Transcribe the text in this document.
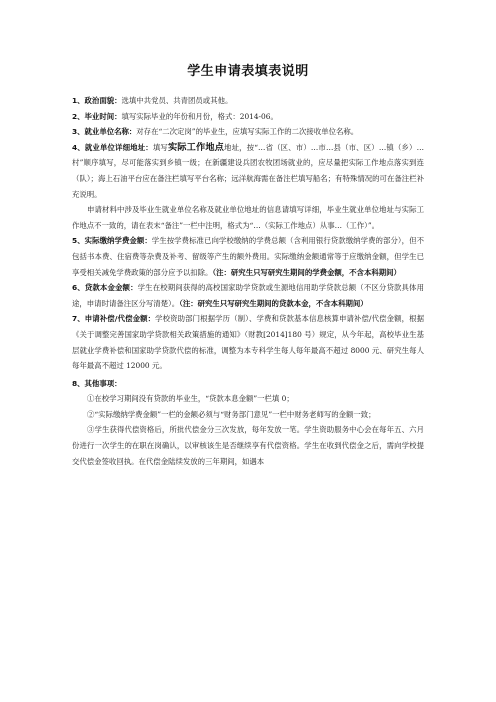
学生申请表填表说明

1、政治面貌：选填中共党员、共青团员或其他。

2、毕业时间：填写实际毕业的年份和月份，格式：2014-06。

3、就业单位名称：对存在“二次定岗”的毕业生，应填写实际工作的二次接收单位名称。

4、就业单位详细地址：填写实际工作地点地址，按“…省（区、市）…市…县（市、区）…镇（乡）…村”顺序填写，尽可能落实到乡镇一级；在新疆建设兵团农牧团场就业的，应尽量把实际工作地点落实到连（队）；海上石油平台应在备注栏填写平台名称；远洋航海需在备注栏填写船名；有特殊情况的可在备注栏补充说明。

申请材料中涉及毕业生就业单位名称及就业单位地址的信息请填写详细，毕业生就业单位地址与实际工作地点不一致的，请在表末“备注”一栏中注明，格式为“…（实际工作地点）从事…（工作）”。

5、实际缴纳学费金额：学生按学费标准已向学校缴纳的学费总额（含利用银行贷款缴纳学费的部分），但不包括书本费、住宿费等杂费及补考、留级等产生的额外费用。实际缴纳金额通常等于应缴纳金额，但学生已享受相关减免学费政策的部分应予以扣除。（注：研究生只写研究生期间的学费金额，不含本科期间）

6、贷款本金金额：学生在校期间获得的高校国家助学贷款或生源地信用助学贷款总额（不区分贷款具体用途，申请时请备注区分写清楚）。（注：研究生只写研究生期间的贷款本金，不含本科期间）

7、申请补偿/代偿金额：学校资助部门根据学历（制）、学费和贷款基本信息核算申请补偿/代偿金额，根据《关于调整完善国家助学贷款相关政策措施的通知》（财教[2014]180 号）规定，从今年起，高校毕业生基层就业学费补偿和国家助学贷款代偿的标准，调整为本专科学生每人每年最高不超过 8000 元、研究生每人每年最高不超过 12000 元。

8、其他事项：

①在校学习期间没有贷款的毕业生，“贷款本息金额”一栏填 0；

②“实际缴纳学费金额”一栏的金额必须与“财务部门意见”一栏中财务老师写的金额一致；

③学生获得代偿资格后，所批代偿金分三次发放，每年发放一笔。学生资助服务中心会在每年五、六月份进行一次学生的在职在岗确认，以审核该生是否继续享有代偿资格。学生在收到代偿金之后，需向学校提交代偿金签收回执。在代偿金陆续发放的三年期间，如遇本
